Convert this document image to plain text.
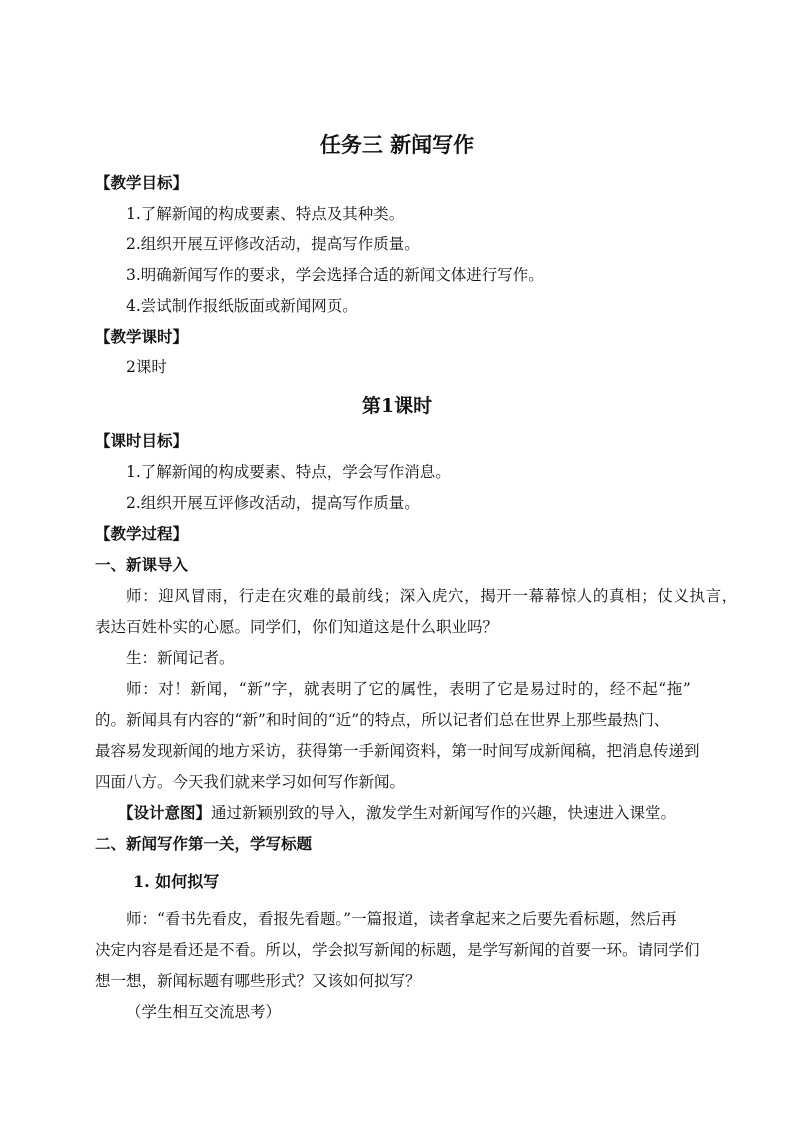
任务三 新闻写作
【教学目标】
1.了解新闻的构成要素、特点及其种类。
2.组织开展互评修改活动，提高写作质量。
3.明确新闻写作的要求，学会选择合适的新闻文体进行写作。
4.尝试制作报纸版面或新闻网页。
【教学课时】
2课时
第1课时
【课时目标】
1.了解新闻的构成要素、特点，学会写作消息。
2.组织开展互评修改活动，提高写作质量。
【教学过程】
一、新课导入
师：迎风冒雨，行走在灾难的最前线；深入虎穴，揭开一幕幕惊人的真相；仗义执言，
表达百姓朴实的心愿。同学们，你们知道这是什么职业吗？
生：新闻记者。
师：对！新闻，“新”字，就表明了它的属性，表明了它是易过时的，经不起“拖”
的。新闻具有内容的“新”和时间的“近”的特点，所以记者们总在世界上那些最热门、
最容易发现新闻的地方采访，获得第一手新闻资料，第一时间写成新闻稿，把消息传递到
四面八方。今天我们就来学习如何写作新闻。
【设计意图】通过新颖别致的导入，激发学生对新闻写作的兴趣，快速进入课堂。
二、新闻写作第一关，学写标题
1. 如何拟写
师：“看书先看皮，看报先看题。”一篇报道，读者拿起来之后要先看标题，然后再
决定内容是看还是不看。所以，学会拟写新闻的标题，是学写新闻的首要一环。请同学们
想一想，新闻标题有哪些形式？又该如何拟写？
（学生相互交流思考）
